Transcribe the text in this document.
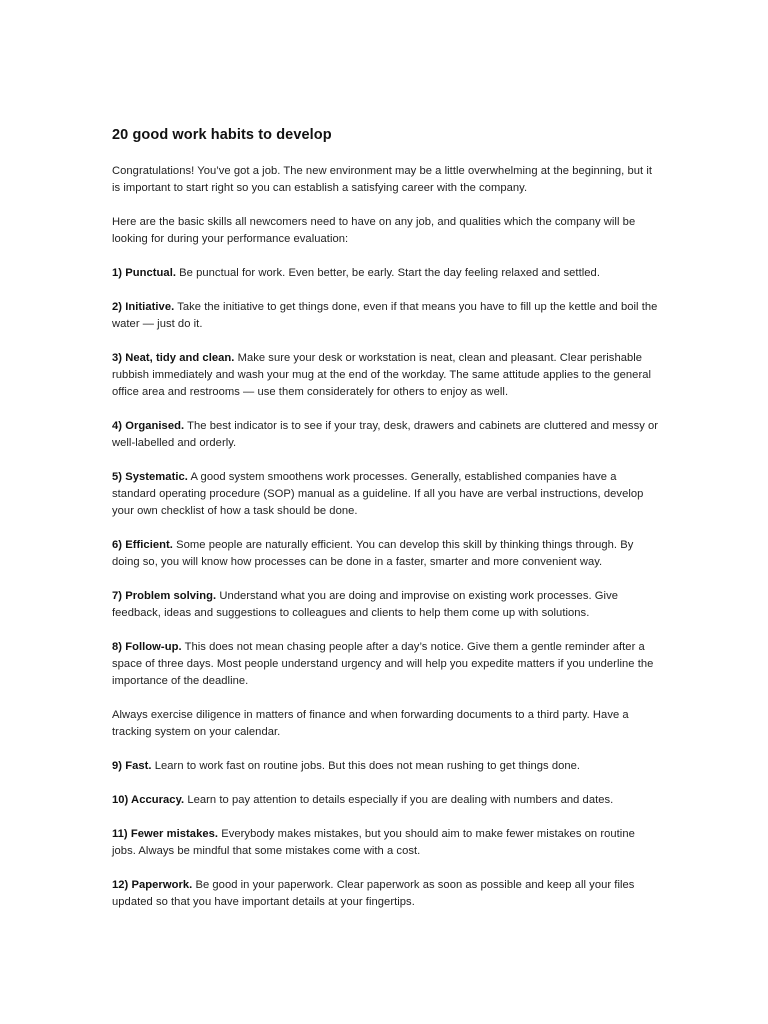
20 good work habits to develop

Congratulations! You’ve got a job. The new environment may be a little overwhelming at the beginning, but it is important to start right so you can establish a satisfying career with the company.

Here are the basic skills all newcomers need to have on any job, and qualities which the company will be looking for during your performance evaluation:

1) Punctual. Be punctual for work. Even better, be early. Start the day feeling relaxed and settled.

2) Initiative. Take the initiative to get things done, even if that means you have to fill up the kettle and boil the water — just do it.

3) Neat, tidy and clean. Make sure your desk or workstation is neat, clean and pleasant. Clear perishable rubbish immediately and wash your mug at the end of the workday. The same attitude applies to the general office area and restrooms — use them considerately for others to enjoy as well.

4) Organised. The best indicator is to see if your tray, desk, drawers and cabinets are cluttered and messy or well-labelled and orderly.

5) Systematic. A good system smoothens work processes. Generally, established companies have a standard operating procedure (SOP) manual as a guideline. If all you have are verbal instructions, develop your own checklist of how a task should be done.

6) Efficient. Some people are naturally efficient. You can develop this skill by thinking things through. By doing so, you will know how processes can be done in a faster, smarter and more convenient way.

7) Problem solving. Understand what you are doing and improvise on existing work processes. Give feedback, ideas and suggestions to colleagues and clients to help them come up with solutions.

8) Follow-up. This does not mean chasing people after a day’s notice. Give them a gentle reminder after a space of three days. Most people understand urgency and will help you expedite matters if you underline the importance of the deadline.

Always exercise diligence in matters of finance and when forwarding documents to a third party. Have a tracking system on your calendar.

9) Fast. Learn to work fast on routine jobs. But this does not mean rushing to get things done.

10) Accuracy. Learn to pay attention to details especially if you are dealing with numbers and dates.

11) Fewer mistakes. Everybody makes mistakes, but you should aim to make fewer mistakes on routine jobs. Always be mindful that some mistakes come with a cost.

12) Paperwork. Be good in your paperwork. Clear paperwork as soon as possible and keep all your files updated so that you have important details at your fingertips.
